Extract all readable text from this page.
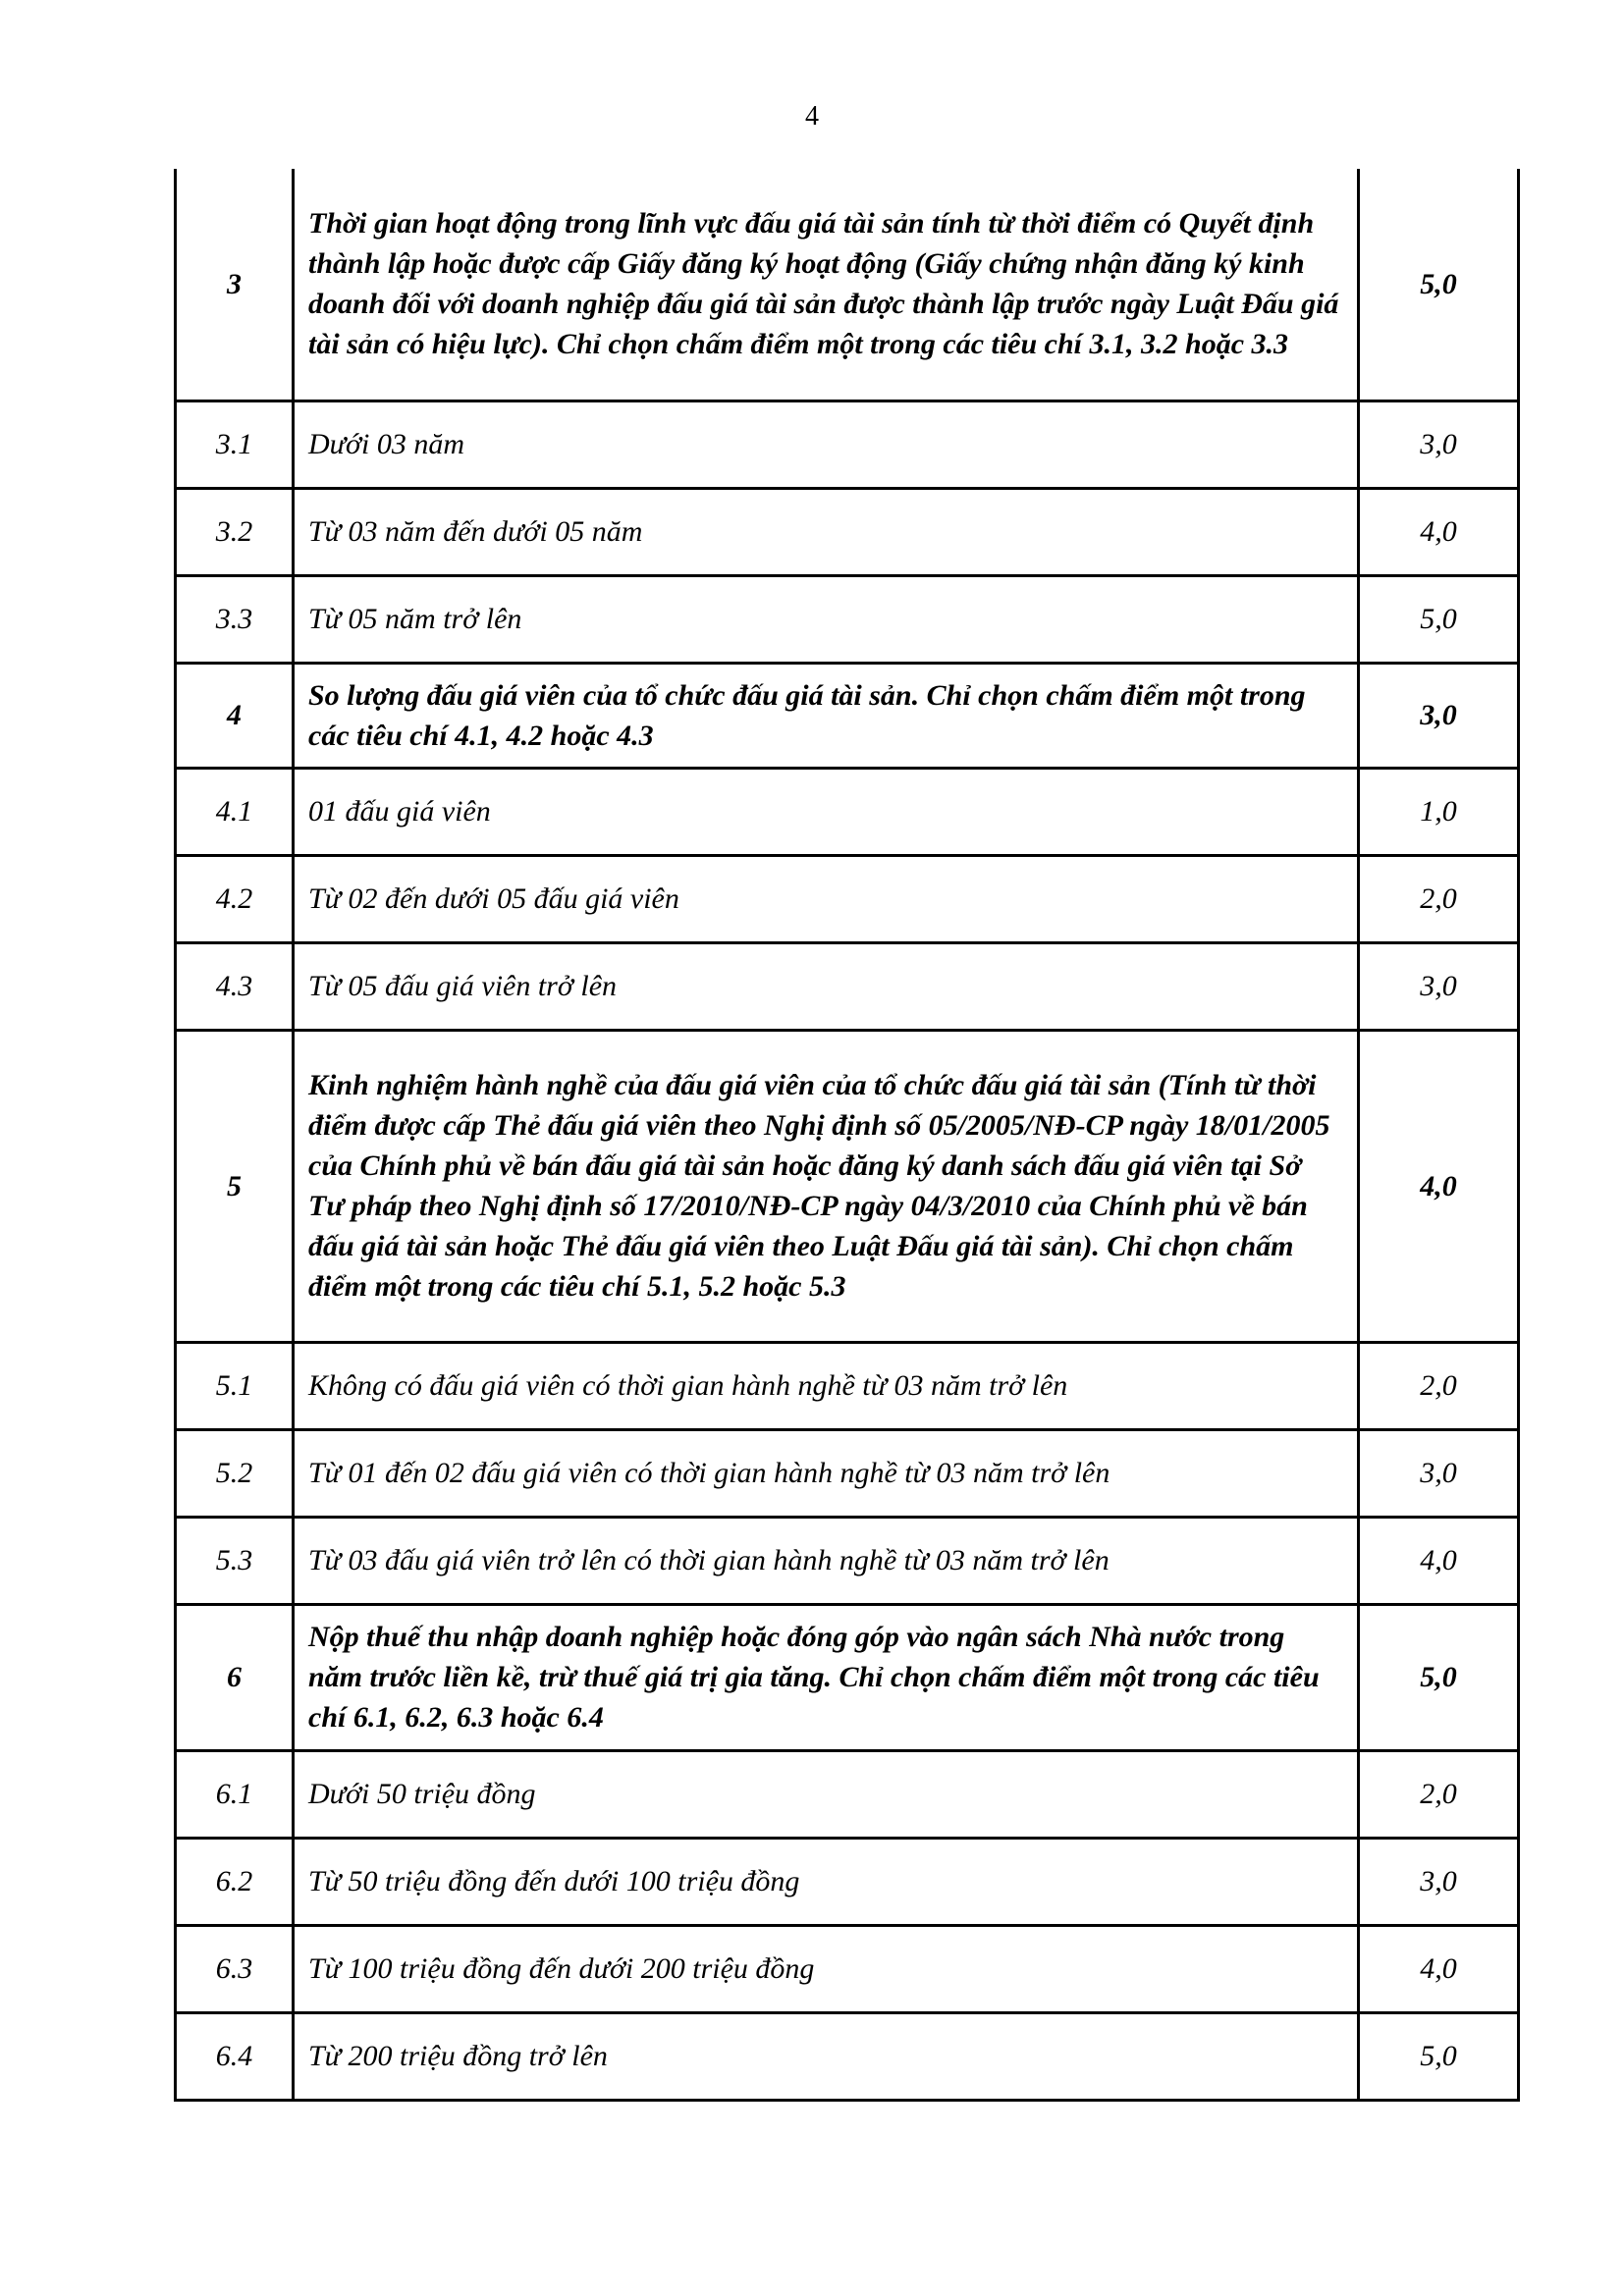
4
3	Thời gian hoạt động trong lĩnh vực đấu giá tài sản tính từ thời điểm có Quyết định thành lập hoặc được cấp Giấy đăng ký hoạt động (Giấy chứng nhận đăng ký kinh doanh đối với doanh nghiệp đấu giá tài sản được thành lập trước ngày Luật Đấu giá tài sản có hiệu lực). Chỉ chọn chấm điểm một trong các tiêu chí 3.1, 3.2 hoặc 3.3	5,0
3.1	Dưới 03 năm	3,0
3.2	Từ 03 năm đến dưới 05 năm	4,0
3.3	Từ 05 năm trở lên	5,0
4	So lượng đấu giá viên của tổ chức đấu giá tài sản. Chỉ chọn chấm điểm một trong các tiêu chí 4.1, 4.2 hoặc 4.3	3,0
4.1	01 đấu giá viên	1,0
4.2	Từ 02 đến dưới 05 đấu giá viên	2,0
4.3	Từ 05 đấu giá viên trở lên	3,0
5	Kinh nghiệm hành nghề của đấu giá viên của tổ chức đấu giá tài sản (Tính từ thời điểm được cấp Thẻ đấu giá viên theo Nghị định số 05/2005/NĐ-CP ngày 18/01/2005 của Chính phủ về bán đấu giá tài sản hoặc đăng ký danh sách đấu giá viên tại Sở Tư pháp theo Nghị định số 17/2010/NĐ-CP ngày 04/3/2010 của Chính phủ về bán đấu giá tài sản hoặc Thẻ đấu giá viên theo Luật Đấu giá tài sản). Chỉ chọn chấm điểm một trong các tiêu chí 5.1, 5.2 hoặc 5.3	4,0
5.1	Không có đấu giá viên có thời gian hành nghề từ 03 năm trở lên	2,0
5.2	Từ 01 đến 02 đấu giá viên có thời gian hành nghề từ 03 năm trở lên	3,0
5.3	Từ 03 đấu giá viên trở lên có thời gian hành nghề từ 03 năm trở lên	4,0
6	Nộp thuế thu nhập doanh nghiệp hoặc đóng góp vào ngân sách Nhà nước trong năm trước liền kề, trừ thuế giá trị gia tăng. Chỉ chọn chấm điểm một trong các tiêu chí 6.1, 6.2, 6.3 hoặc 6.4	5,0
6.1	Dưới 50 triệu đồng	2,0
6.2	Từ 50 triệu đồng đến dưới 100 triệu đồng	3,0
6.3	Từ 100 triệu đồng đến dưới 200 triệu đồng	4,0
6.4	Từ 200 triệu đồng trở lên	5,0
